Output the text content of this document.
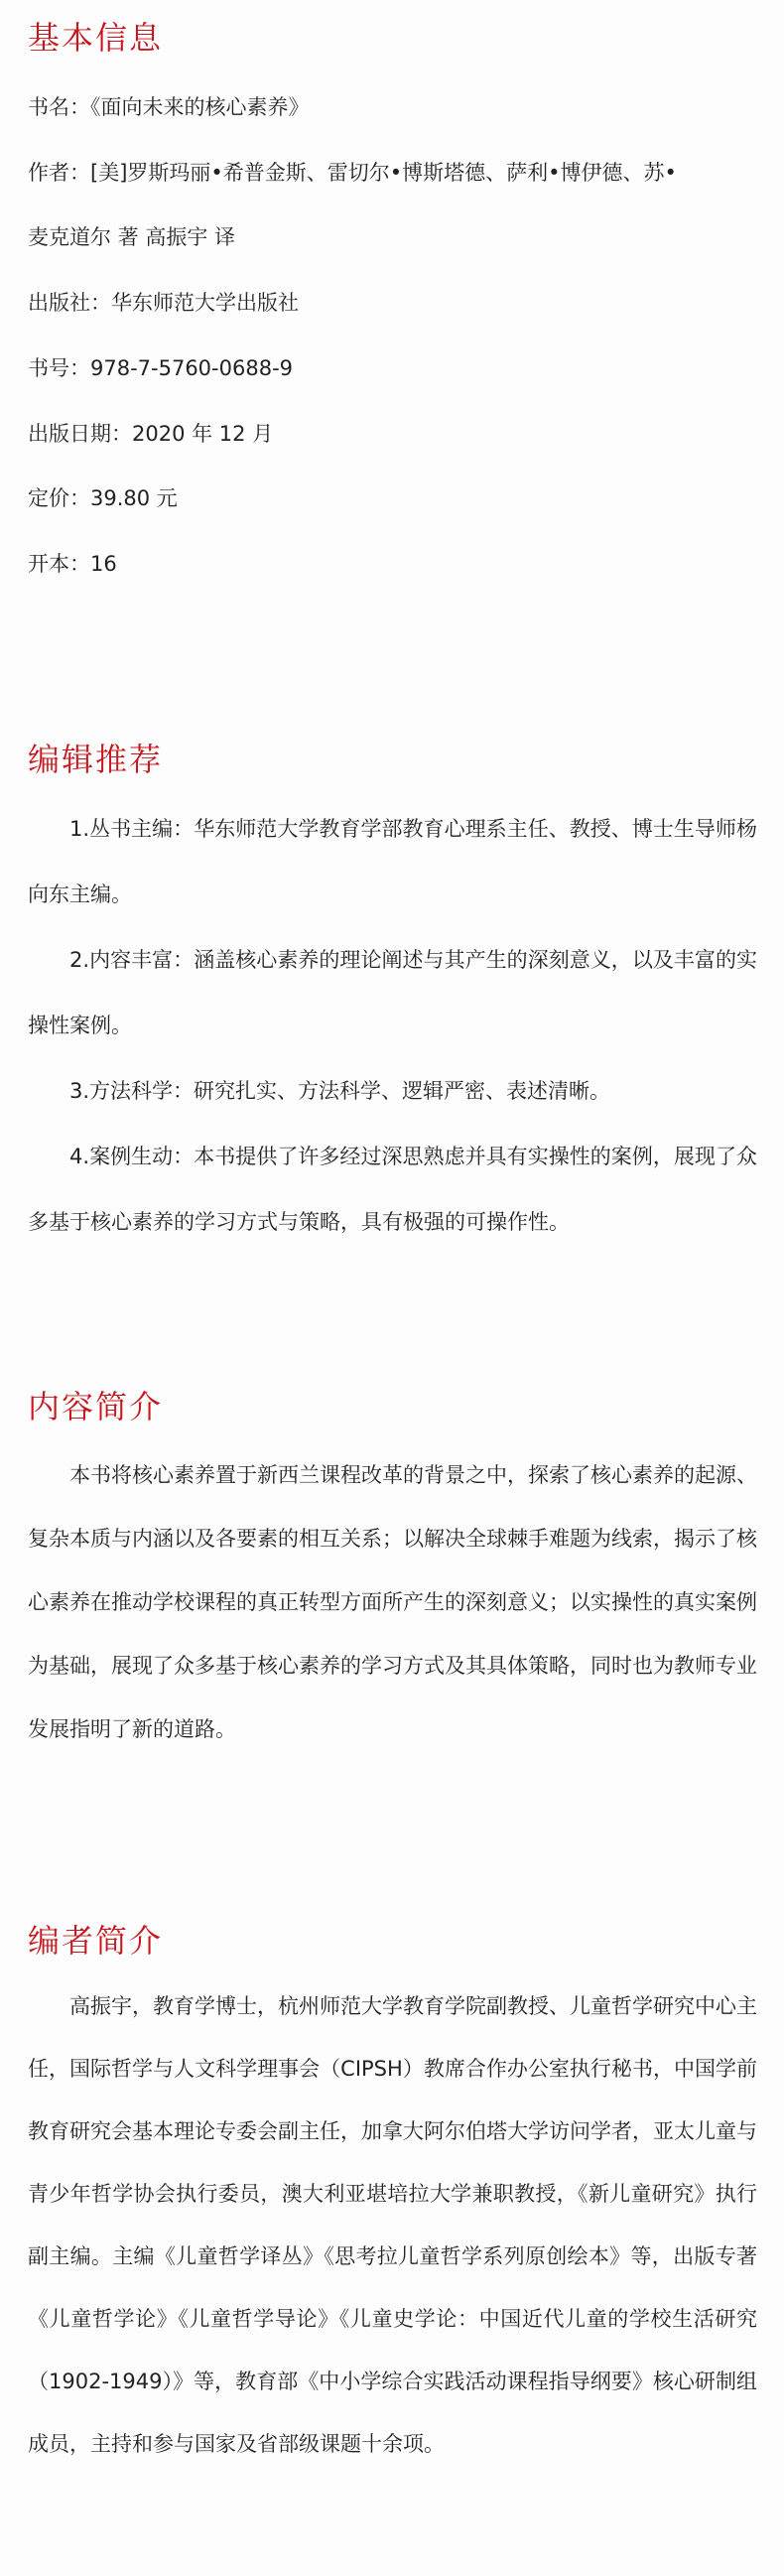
基本信息

书名：《面向未来的核心素养》

作者：[美]罗斯玛丽•希普金斯、雷切尔•博斯塔德、萨利•博伊德、苏•

麦克道尔 著 高振宇 译

出版社：华东师范大学出版社

书号：978-7-5760-0688-9

出版日期：2020 年 12 月

定价：39.80 元

开本：16

编辑推荐

1.丛书主编：华东师范大学教育学部教育心理系主任、教授、博士生导师杨向东主编。

2.内容丰富：涵盖核心素养的理论阐述与其产生的深刻意义，以及丰富的实操性案例。

3.方法科学：研究扎实、方法科学、逻辑严密、表述清晰。

4.案例生动：本书提供了许多经过深思熟虑并具有实操性的案例，展现了众多基于核心素养的学习方式与策略，具有极强的可操作性。

内容简介

本书将核心素养置于新西兰课程改革的背景之中，探索了核心素养的起源、复杂本质与内涵以及各要素的相互关系；以解决全球棘手难题为线索，揭示了核心素养在推动学校课程的真正转型方面所产生的深刻意义；以实操性的真实案例为基础，展现了众多基于核心素养的学习方式及其具体策略，同时也为教师专业发展指明了新的道路。

编者简介

高振宇，教育学博士，杭州师范大学教育学院副教授、儿童哲学研究中心主任，国际哲学与人文科学理事会（CIPSH）教席合作办公室执行秘书，中国学前教育研究会基本理论专委会副主任，加拿大阿尔伯塔大学访问学者，亚太儿童与青少年哲学协会执行委员，澳大利亚堪培拉大学兼职教授，《新儿童研究》执行副主编。主编《儿童哲学译丛》《思考拉儿童哲学系列原创绘本》等，出版专著《儿童哲学论》《儿童哲学导论》《儿童史学论：中国近代儿童的学校生活研究（1902-1949）》等，教育部《中小学综合实践活动课程指导纲要》核心研制组成员，主持和参与国家及省部级课题十余项。
